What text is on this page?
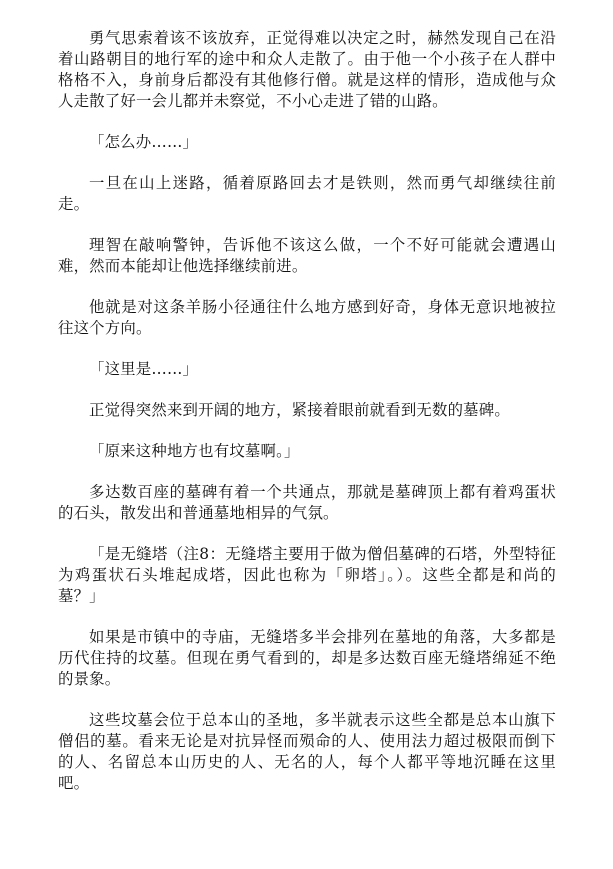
勇气思索着该不该放弃，正觉得难以决定之时，赫然发现自己在沿着山路朝目的地行军的途中和众人走散了。由于他一个小孩子在人群中格格不入，身前身后都没有其他修行僧。就是这样的情形，造成他与众人走散了好一会儿都并未察觉，不小心走进了错的山路。

「怎么办……」

一旦在山上迷路，循着原路回去才是铁则，然而勇气却继续往前走。

理智在敲响警钟，告诉他不该这么做，一个不好可能就会遭遇山难，然而本能却让他选择继续前进。

他就是对这条羊肠小径通往什么地方感到好奇，身体无意识地被拉往这个方向。

「这里是……」

正觉得突然来到开阔的地方，紧接着眼前就看到无数的墓碑。

「原来这种地方也有坟墓啊。」

多达数百座的墓碑有着一个共通点，那就是墓碑顶上都有着鸡蛋状的石头，散发出和普通墓地相异的气氛。

「是无缝塔（注8：无缝塔主要用于做为僧侣墓碑的石塔，外型特征为鸡蛋状石头堆起成塔，因此也称为「卵塔」。）。这些全都是和尚的墓？」

如果是市镇中的寺庙，无缝塔多半会排列在墓地的角落，大多都是历代住持的坟墓。但现在勇气看到的，却是多达数百座无缝塔绵延不绝的景象。

这些坟墓会位于总本山的圣地，多半就表示这些全都是总本山旗下僧侣的墓。看来无论是对抗异怪而殒命的人、使用法力超过极限而倒下的人、名留总本山历史的人、无名的人，每个人都平等地沉睡在这里吧。
